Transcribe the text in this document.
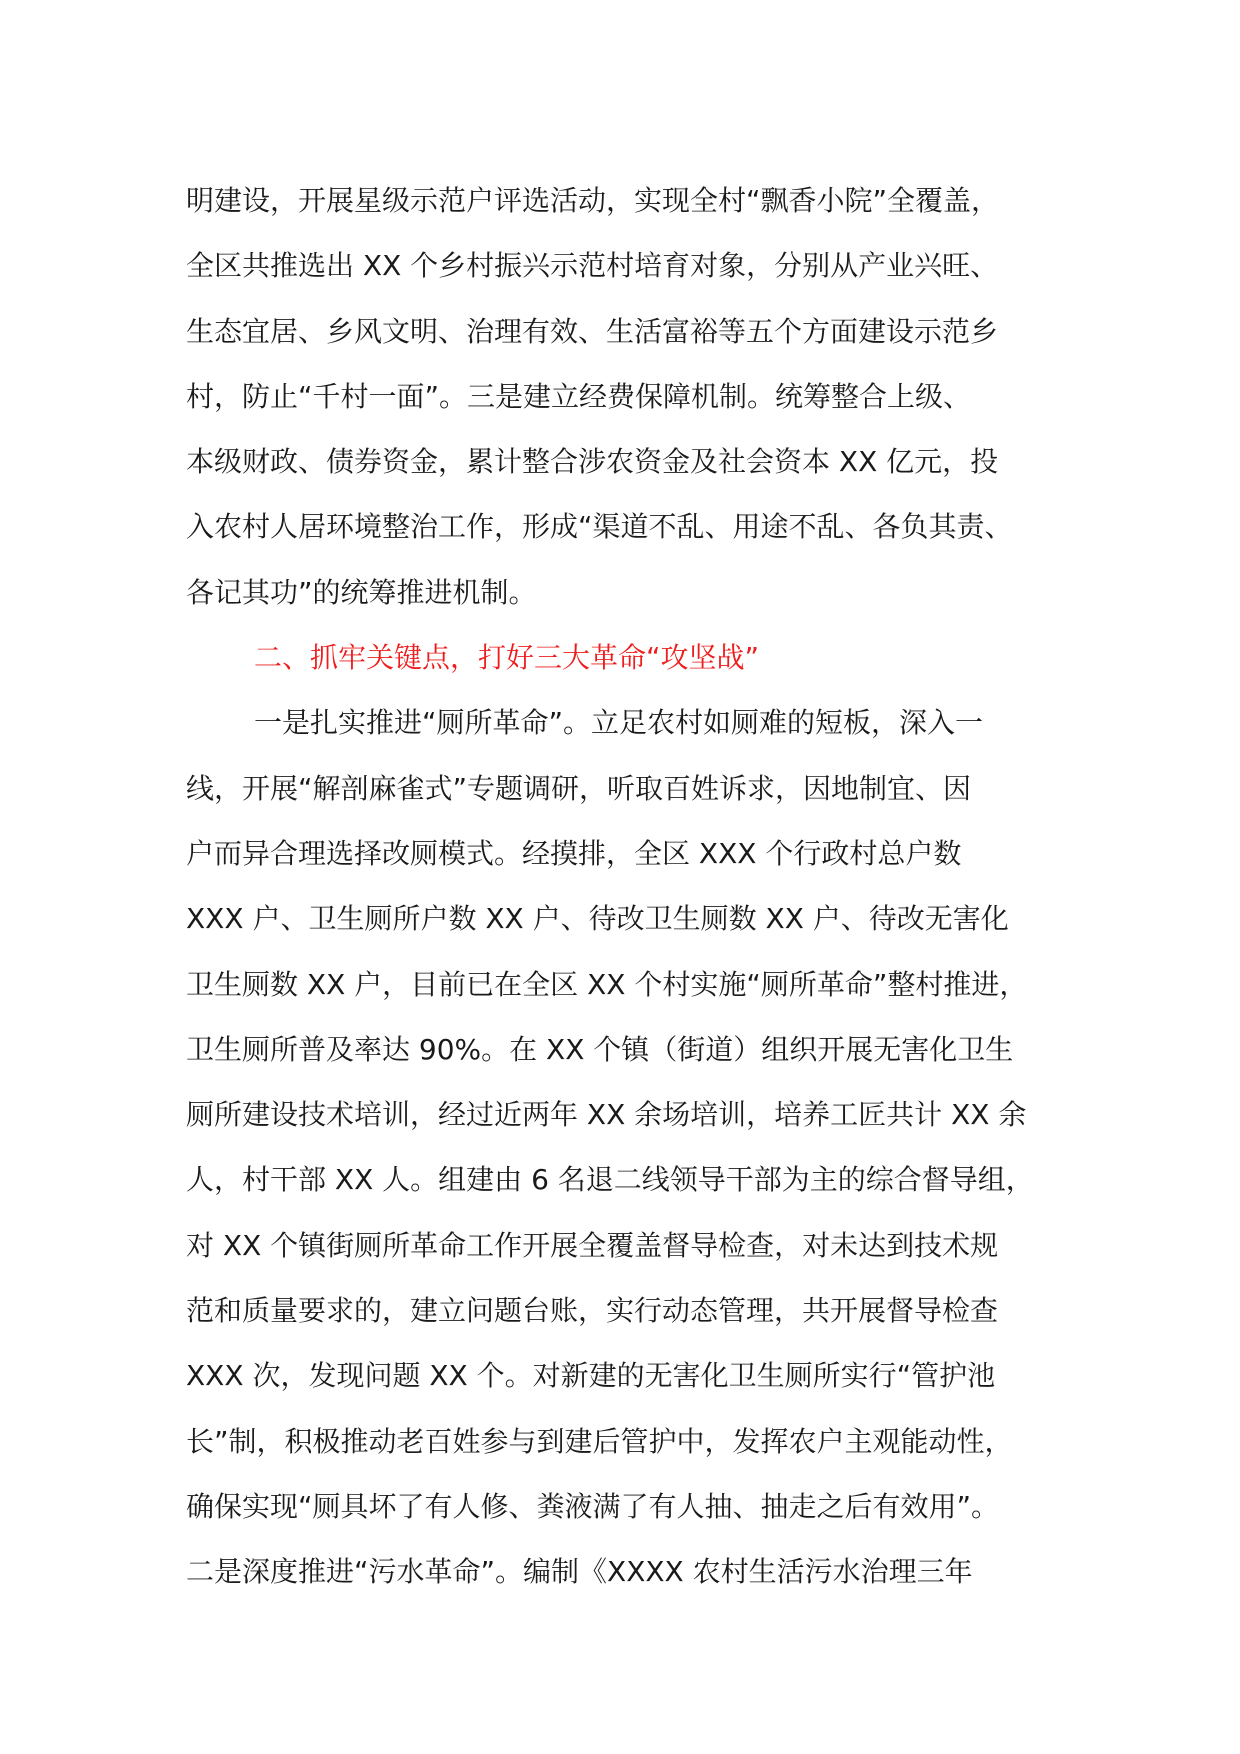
明建设，开展星级示范户评选活动，实现全村“飘香小院”全覆盖，
全区共推选出 XX 个乡村振兴示范村培育对象，分别从产业兴旺、
生态宜居、乡风文明、治理有效、生活富裕等五个方面建设示范乡
村，防止“千村一面”。三是建立经费保障机制。统筹整合上级、
本级财政、债券资金，累计整合涉农资金及社会资本 XX 亿元，投
入农村人居环境整治工作，形成“渠道不乱、用途不乱、各负其责、
各记其功”的统筹推进机制。
二、抓牢关键点，打好三大革命“攻坚战”
一是扎实推进“厕所革命”。立足农村如厕难的短板，深入一
线，开展“解剖麻雀式”专题调研，听取百姓诉求，因地制宜、因
户而异合理选择改厕模式。经摸排，全区 XXX 个行政村总户数
XXX 户、卫生厕所户数 XX 户、待改卫生厕数 XX 户、待改无害化
卫生厕数 XX 户，目前已在全区 XX 个村实施“厕所革命”整村推进，
卫生厕所普及率达 90%。在 XX 个镇（街道）组织开展无害化卫生
厕所建设技术培训，经过近两年 XX 余场培训，培养工匠共计 XX 余
人，村干部 XX 人。组建由 6 名退二线领导干部为主的综合督导组，
对 XX 个镇街厕所革命工作开展全覆盖督导检查，对未达到技术规
范和质量要求的，建立问题台账，实行动态管理，共开展督导检查
XXX 次，发现问题 XX 个。对新建的无害化卫生厕所实行“管护池
长”制，积极推动老百姓参与到建后管护中，发挥农户主观能动性，
确保实现“厕具坏了有人修、粪液满了有人抽、抽走之后有效用”。
二是深度推进“污水革命”。编制《XXXX 农村生活污水治理三年
